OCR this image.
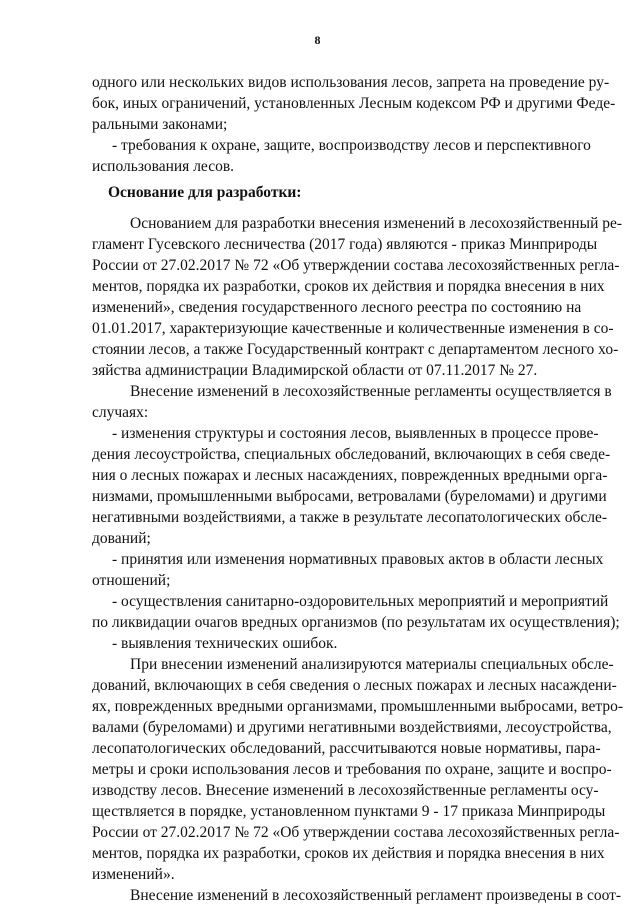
8
одного или нескольких видов использования лесов, запрета на проведение ру-
бок, иных ограничений, установленных Лесным кодексом РФ и другими Феде-
ральными законами;
- требования к охране, защите, воспроизводству лесов и перспективного
использования лесов.
Основание для разработки:
Основанием для разработки внесения изменений в лесохозяйственный ре-
гламент Гусевского лесничества (2017 года) являются - приказ Минприроды
России от 27.02.2017 № 72 «Об утверждении состава лесохозяйственных регла-
ментов, порядка их разработки, сроков их действия и порядка внесения в них
изменений», сведения государственного лесного реестра по состоянию на
01.01.2017, характеризующие качественные и количественные изменения в со-
стоянии лесов, а также Государственный контракт с департаментом лесного хо-
зяйства администрации Владимирской области от 07.11.2017 № 27.
Внесение изменений в лесохозяйственные регламенты осуществляется в
случаях:
- изменения структуры и состояния лесов, выявленных в процессе прове-
дения лесоустройства, специальных обследований, включающих в себя сведе-
ния о лесных пожарах и лесных насаждениях, поврежденных вредными орга-
низмами, промышленными выбросами, ветровалами (буреломами) и другими
негативными воздействиями, а также в результате лесопатологических обсле-
дований;
- принятия или изменения нормативных правовых актов в области лесных
отношений;
- осуществления санитарно-оздоровительных мероприятий и мероприятий
по ликвидации очагов вредных организмов (по результатам их осуществления);
- выявления технических ошибок.
При внесении изменений анализируются материалы специальных обсле-
дований, включающих в себя сведения о лесных пожарах и лесных насаждени-
ях, поврежденных вредными организмами, промышленными выбросами, ветро-
валами (буреломами) и другими негативными воздействиями, лесоустройства,
лесопатологических обследований, рассчитываются новые нормативы, пара-
метры и сроки использования лесов и требования по охране, защите и воспро-
изводству лесов. Внесение изменений в лесохозяйственные регламенты осу-
ществляется в порядке, установленном пунктами 9 - 17 приказа Минприроды
России от 27.02.2017 № 72 «Об утверждении состава лесохозяйственных регла-
ментов, порядка их разработки, сроков их действия и порядка внесения в них
изменений».
Внесение изменений в лесохозяйственный регламент произведены в соот-
